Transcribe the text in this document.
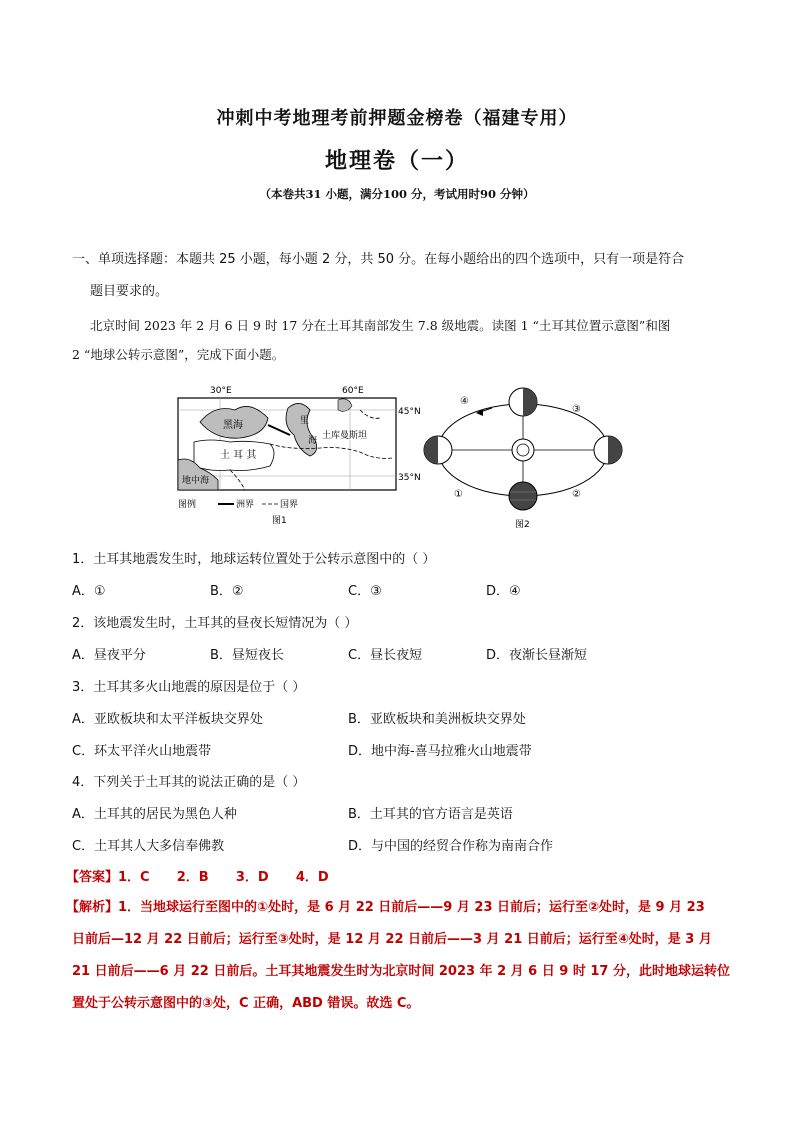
冲刺中考地理考前押题金榜卷（福建专用）
地理卷（一）
（本卷共31 小题，满分100 分，考试用时90 分钟）
一、单项选择题：本题共 25 小题，每小题 2 分，共 50 分。在每小题给出的四个选项中，只有一项是符合
题目要求的。
北京时间 2023 年 2 月 6 日 9 时 17 分在土耳其南部发生 7.8 级地震。读图 1 “土耳其位置示意图”和图
2 “地球公转示意图”，完成下面小题。
30°E	60°E
45°N
35°N
黑海	里
海
土 耳 其
土库曼斯坦
地中海
图例	洲界	国界
图1
④
③
①	②
图2
1．土耳其地震发生时，地球运转位置处于公转示意图中的（ ）
A．①	B．②	C．③	D．④
2．该地震发生时，土耳其的昼夜长短情况为（ ）
A．昼夜平分	B．昼短夜长	C．昼长夜短	D．夜渐长昼渐短
3．土耳其多火山地震的原因是位于（ ）
A．亚欧板块和太平洋板块交界处	B．亚欧板块和美洲板块交界处
C．环太平洋火山地震带	D．地中海-喜马拉雅火山地震带
4．下列关于土耳其的说法正确的是（ ）
A．土耳其的居民为黑色人种	B．土耳其的官方语言是英语
C．土耳其人大多信奉佛教	D．与中国的经贸合作称为南南合作
【答案】1．C      2．B      3．D      4．D
【解析】1．当地球运行至图中的①处时，是 6 月 22 日前后——9 月 23 日前后；运行至②处时，是 9 月 23
日前后—12 月 22 日前后；运行至③处时，是 12 月 22 日前后——3 月 21 日前后；运行至④处时，是 3 月
21 日前后——6 月 22 日前后。土耳其地震发生时为北京时间 2023 年 2 月 6 日 9 时 17 分，此时地球运转位
置处于公转示意图中的③处，C 正确，ABD 错误。故选 C。
